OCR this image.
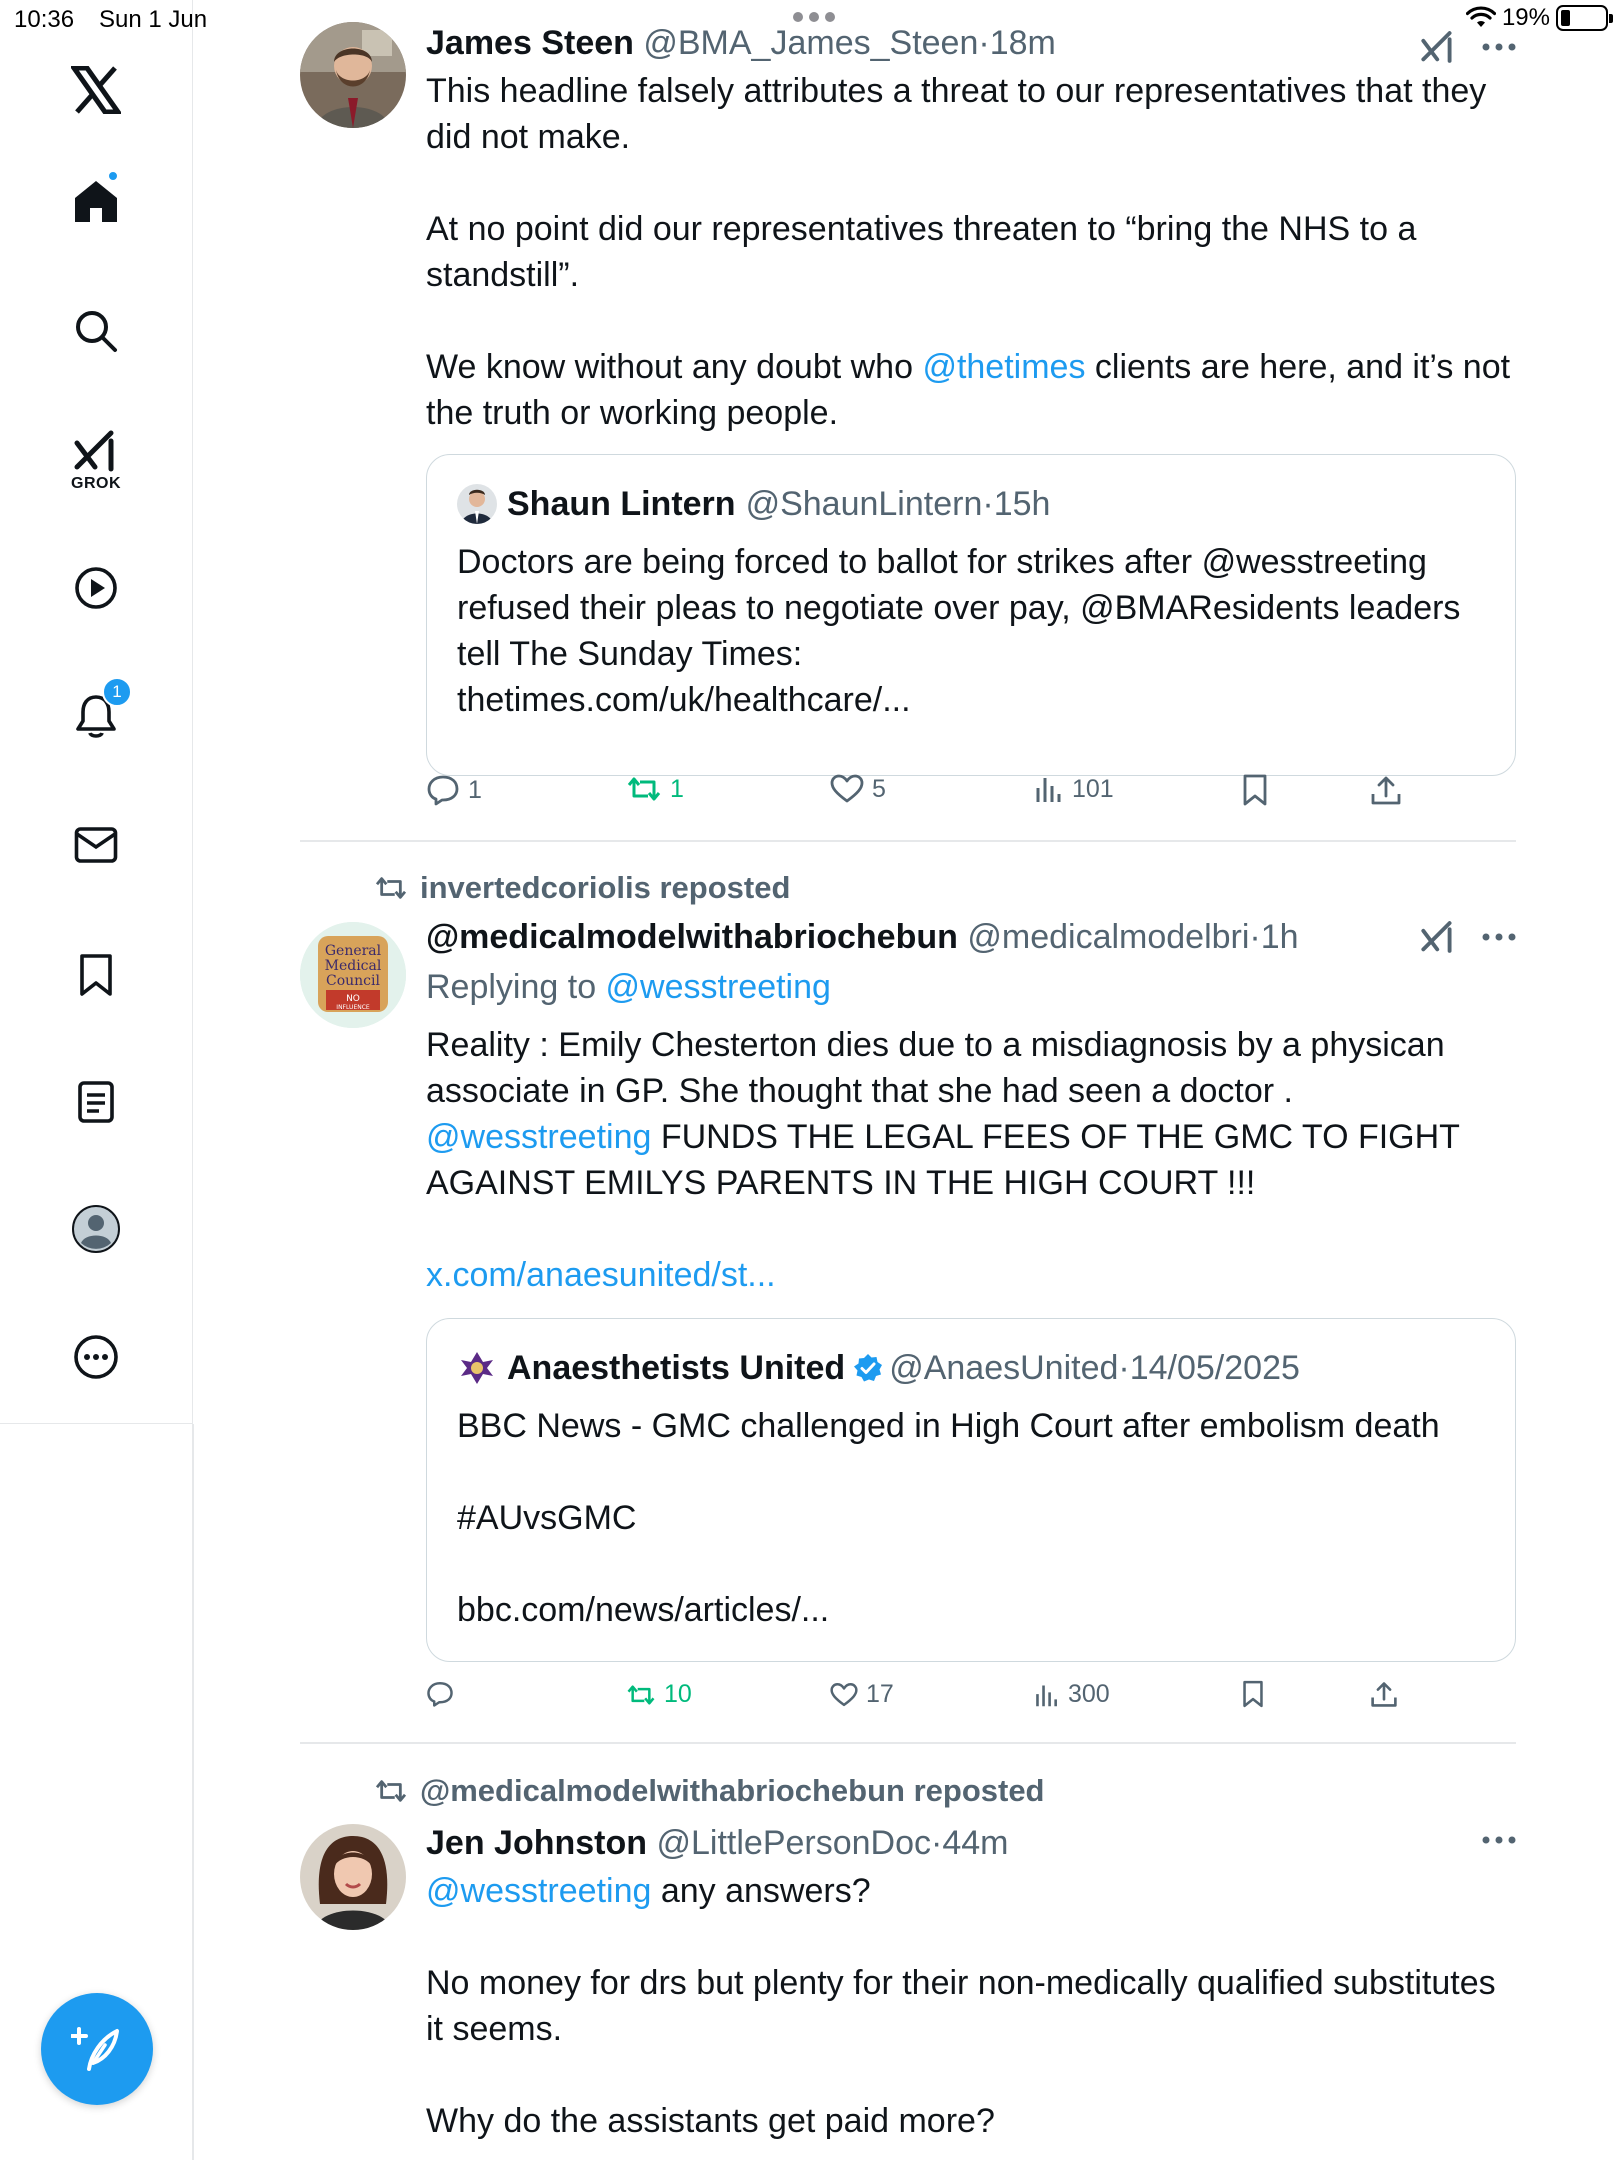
10:36 Sun 1 Jun	19%
GROK
1
James Steen @BMA_James_Steen·18m

This headline falsely attributes a threat to our representatives that they did not make.

At no point did our representatives threaten to “bring the NHS to a standstill”.

We know without any doubt who @thetimes clients are here, and it’s not the truth or working people.

Shaun Lintern @ShaunLintern · 15h

Doctors are being forced to ballot for strikes after @wesstreeting refused their pleas to negotiate over pay, @BMAResidents leaders tell The Sunday Times:

thetimes.com/uk/healthcare/...

1	1	5	101
invertedcoriolis reposted
General
Medical
Council
NO
INFLUENCE
@medicalmodelwithabriochebun @medicalmodelbri·1h
Replying to @wesstreeting

Reality : Emily Chesterton dies due to a misdiagnosis by a physican associate in GP. She thought that she had seen a doctor .

@wesstreeting FUNDS THE LEGAL FEES OF THE GMC TO FIGHT AGAINST EMILYS PARENTS IN THE HIGH COURT !!!

x.com/anaesunited/st...

Anaesthetists United @AnaesUnited · 14/05/2025

BBC News - GMC challenged in High Court after embolism death

#AUvsGMC

bbc.com/news/articles/...

10	17	300
@medicalmodelwithabriochebun reposted
Jen Johnston @LittlePersonDoc·44m

@wesstreeting any answers?

No money for drs but plenty for their non-medically qualified substitutes it seems.

Why do the assistants get paid more?
